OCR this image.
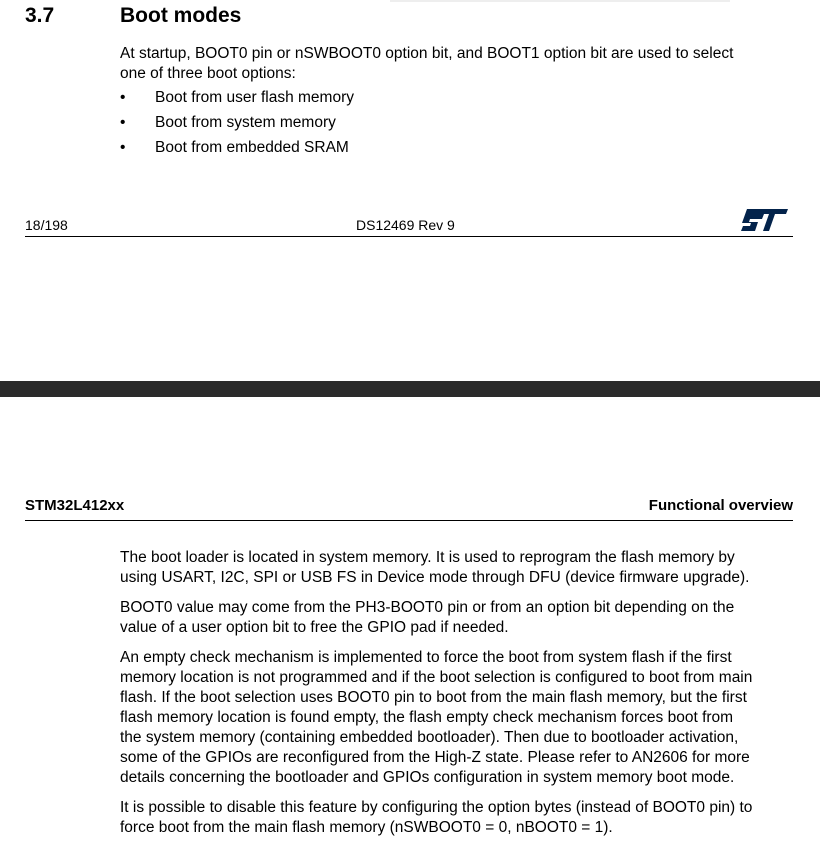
3.7	Boot modes
At startup, BOOT0 pin or nSWBOOT0 option bit, and BOOT1 option bit are used to select
one of three boot options:
• Boot from user flash memory
• Boot from system memory
• Boot from embedded SRAM
18/198	DS12469 Rev 9
STM32L412xx	Functional overview
The boot loader is located in system memory. It is used to reprogram the flash memory by
using USART, I2C, SPI or USB FS in Device mode through DFU (device firmware upgrade).
BOOT0 value may come from the PH3-BOOT0 pin or from an option bit depending on the
value of a user option bit to free the GPIO pad if needed.
An empty check mechanism is implemented to force the boot from system flash if the first
memory location is not programmed and if the boot selection is configured to boot from main
flash. If the boot selection uses BOOT0 pin to boot from the main flash memory, but the first
flash memory location is found empty, the flash empty check mechanism forces boot from
the system memory (containing embedded bootloader). Then due to bootloader activation,
some of the GPIOs are reconfigured from the High-Z state. Please refer to AN2606 for more
details concerning the bootloader and GPIOs configuration in system memory boot mode.
It is possible to disable this feature by configuring the option bytes (instead of BOOT0 pin) to
force boot from the main flash memory (nSWBOOT0 = 0, nBOOT0 = 1).
